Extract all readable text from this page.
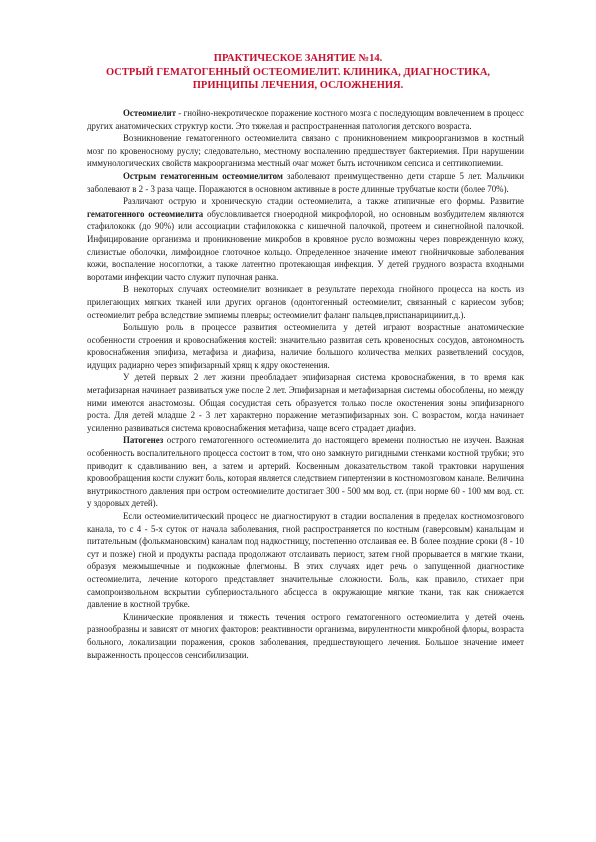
ПРАКТИЧЕСКОЕ ЗАНЯТИЕ №14.
ОСТРЫЙ ГЕМАТОГЕННЫЙ ОСТЕОМИЕЛИТ. КЛИНИКА, ДИАГНОСТИКА,
ПРИНЦИПЫ ЛЕЧЕНИЯ, ОСЛОЖНЕНИЯ.

Остеомиелит - гнойно-некротическое поражение костного мозга с последующим вовлечением в процесс других анатомических структур кости. Это тяжелая и распространенная патология детского возраста.

Возникновение гематогенного остеомиелита связано с проникновением микроорганизмов в костный мозг по кровеносному руслу; следовательно, местному воспалению предшествует бактериемия. При нарушении иммунологических свойств макроорганизма местный очаг может быть источником сепсиса и септикопиемии.

Острым гематогенным остеомиелитом заболевают преимущественно дети старше 5 лет. Мальчики заболевают в 2 - 3 раза чаще. Поражаются в основном активные в росте длинные трубчатые кости (более 70%).

Различают острую и хроническую стадии остеомиелита, а также атипичные его формы. Развитие гематогенного остеомиелита обусловливается гноеродной микрофлорой, но основным возбудителем являются стафилококк (до 90%) или ассоциации стафилококка с кишечной палочкой, протеем и синегнойной палочкой. Инфицирование организма и проникновение микробов в кровяное русло возможны через поврежденную кожу, слизистые оболочки, лимфоидное глоточное кольцо. Определенное значение имеют гнойничковые заболевания кожи, воспаление носоглотки, а также латентно протекающая инфекция. У детей грудного возраста входными воротами инфекции часто служит пупочная ранка.

В некоторых случаях остеомиелит возникает в результате перехода гнойного процесса на кость из прилегающих мягких тканей или других органов (одонтогенный остеомиелит, связанный с кариесом зубов; остеомиелит ребра вследствие эмпиемы плевры; остеомиелит фаланг пальцев,приспанарицииит.д.).

Большую роль в процессе развития остеомиелита у детей играют возрастные анатомические особенности строения и кровоснабжения костей: значительно развитая сеть кровеносных сосудов, автономность кровоснабжения эпифиза, метафиза и диафиза, наличие большого количества мелких разветвлений сосудов, идущих радиарно через эпифизарный хрящ к ядру окостенения.

У детей первых 2 лет жизни преобладает эпифизарная система кровоснабжения, в то время как метафизарная начинает развиваться уже после 2 лет. Эпифизарная и метафизарная системы обособлены, но между ними имеются анастомозы. Общая сосудистая сеть образуется только после окостенения зоны эпифизарного роста. Для детей младше 2 - 3 лет характерно поражение метаэпифизарных зон. С возрастом, когда начинает усиленно развиваться система кровоснабжения метафиза, чаще всего страдает диафиз.

Патогенез острого гематогенного остеомиелита до настоящего времени полностью не изучен. Важная особенность воспалительного процесса состоит в том, что оно замкнуто ригидными стенками костной трубки; это приводит к сдавливанию вен, а затем и артерий. Косвенным доказательством такой трактовки нарушения кровообращения кости служит боль, которая является следствием гипертензии в костномозговом канале. Величина внутрикостного давления при остром остеомиелите достигает 300 - 500 мм вод. ст. (при норме 60 - 100 мм вод. ст. у здоровых детей).

Если остеомиелитический процесс не диагностируют в стадии воспаления в пределах костномозгового канала, то с 4 - 5-х суток от начала заболевания, гной распространяется по костным (гаверсовым) канальцам и питательным (фолькмановским) каналам под надкостницу, постепенно отслаивая ее. В более поздние сроки (8 - 10 сут и позже) гной и продукты распада продолжают отслаивать периост, затем гной прорывается в мягкие ткани, образуя межмышечные и подкожные флегмоны. В этих случаях идет речь о запущенной диагностике остеомиелита, лечение которого представляет значительные сложности. Боль, как правило, стихает при самопроизвольном вскрытии субпериостального абсцесса в окружающие мягкие ткани, так как снижается давление в костной трубке.

Клинические проявления и тяжесть течения острого гематогенного остеомиелита у детей очень разнообразны и зависят от многих факторов: реактивности организма, вирулентности микробной флоры, возраста больного, локализации поражения, сроков заболевания, предшествующего лечения. Большое значение имеет выраженность процессов сенсибилизации.
